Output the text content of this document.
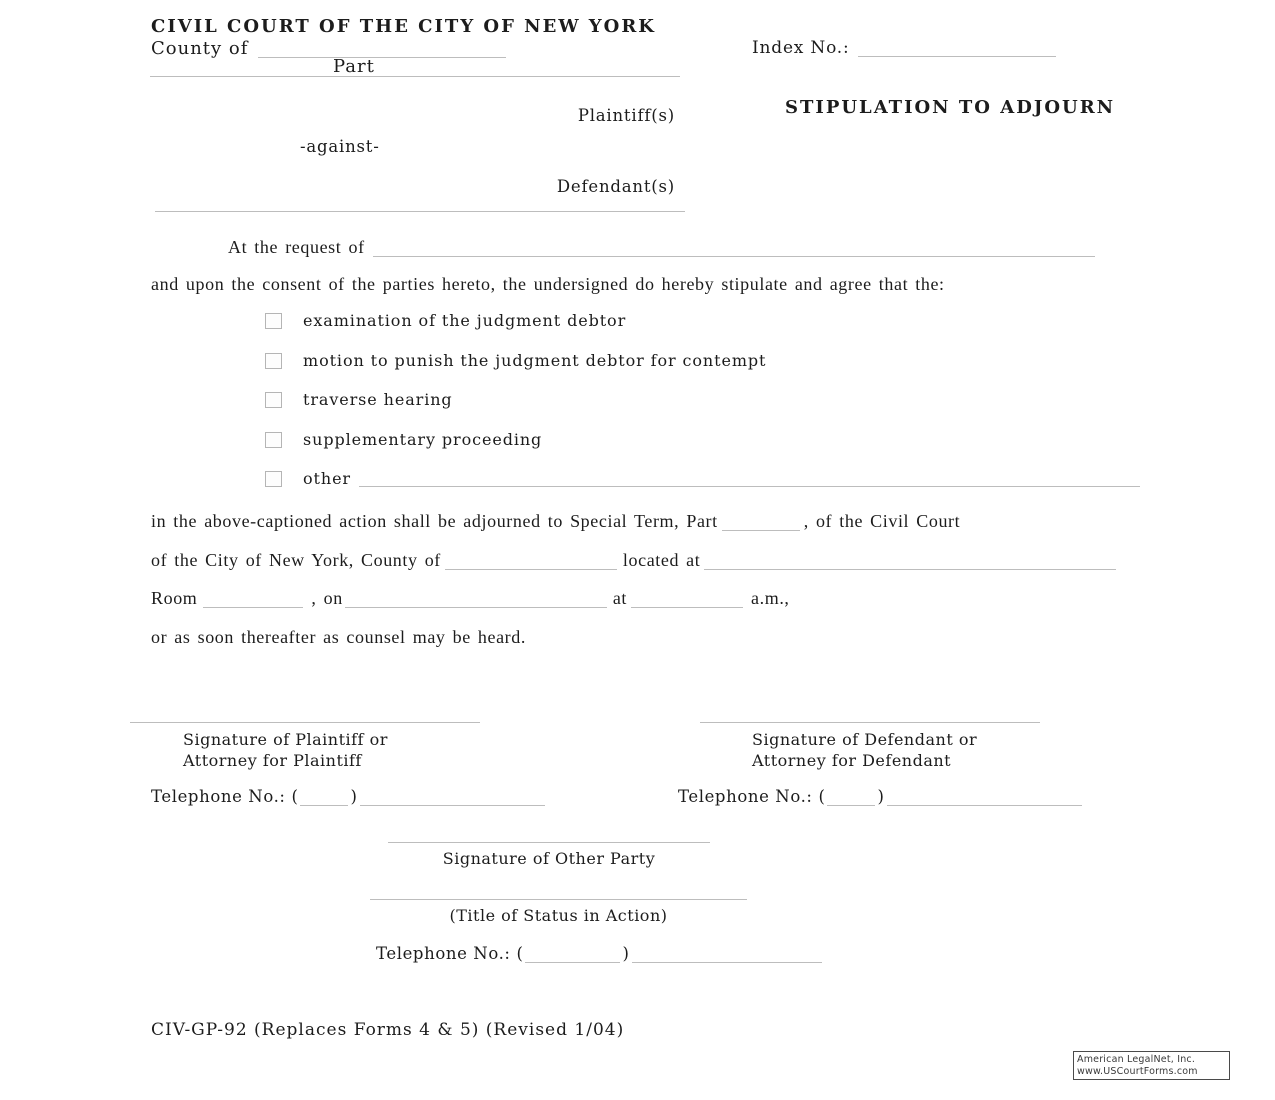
CIVIL COURT OF THE CITY OF NEW YORK
County of
Part
Index No.:
STIPULATION TO ADJOURN
Plaintiff(s)
-against-
Defendant(s)
At the request of
and upon the consent of the parties hereto, the undersigned do hereby stipulate and agree that the:
examination of the judgment debtor
motion to punish the judgment debtor for contempt
traverse hearing
supplementary proceeding
other
in the above-captioned action shall be adjourned to Special Term, Part	, of the Civil Court
of the City of New York, County of	located at
Room	, on	at	a.m.,
or as soon thereafter as counsel may be heard.
Signature of Plaintiff or
Attorney for Plaintiff
Telephone No.: (	)
Signature of Defendant or
Attorney for Defendant
Telephone No.: (	)
Signature of Other Party
(Title of Status in Action)
Telephone No.: (	)
CIV-GP-92 (Replaces Forms 4 & 5) (Revised 1/04)
American LegalNet, Inc.
www.USCourtForms.com
